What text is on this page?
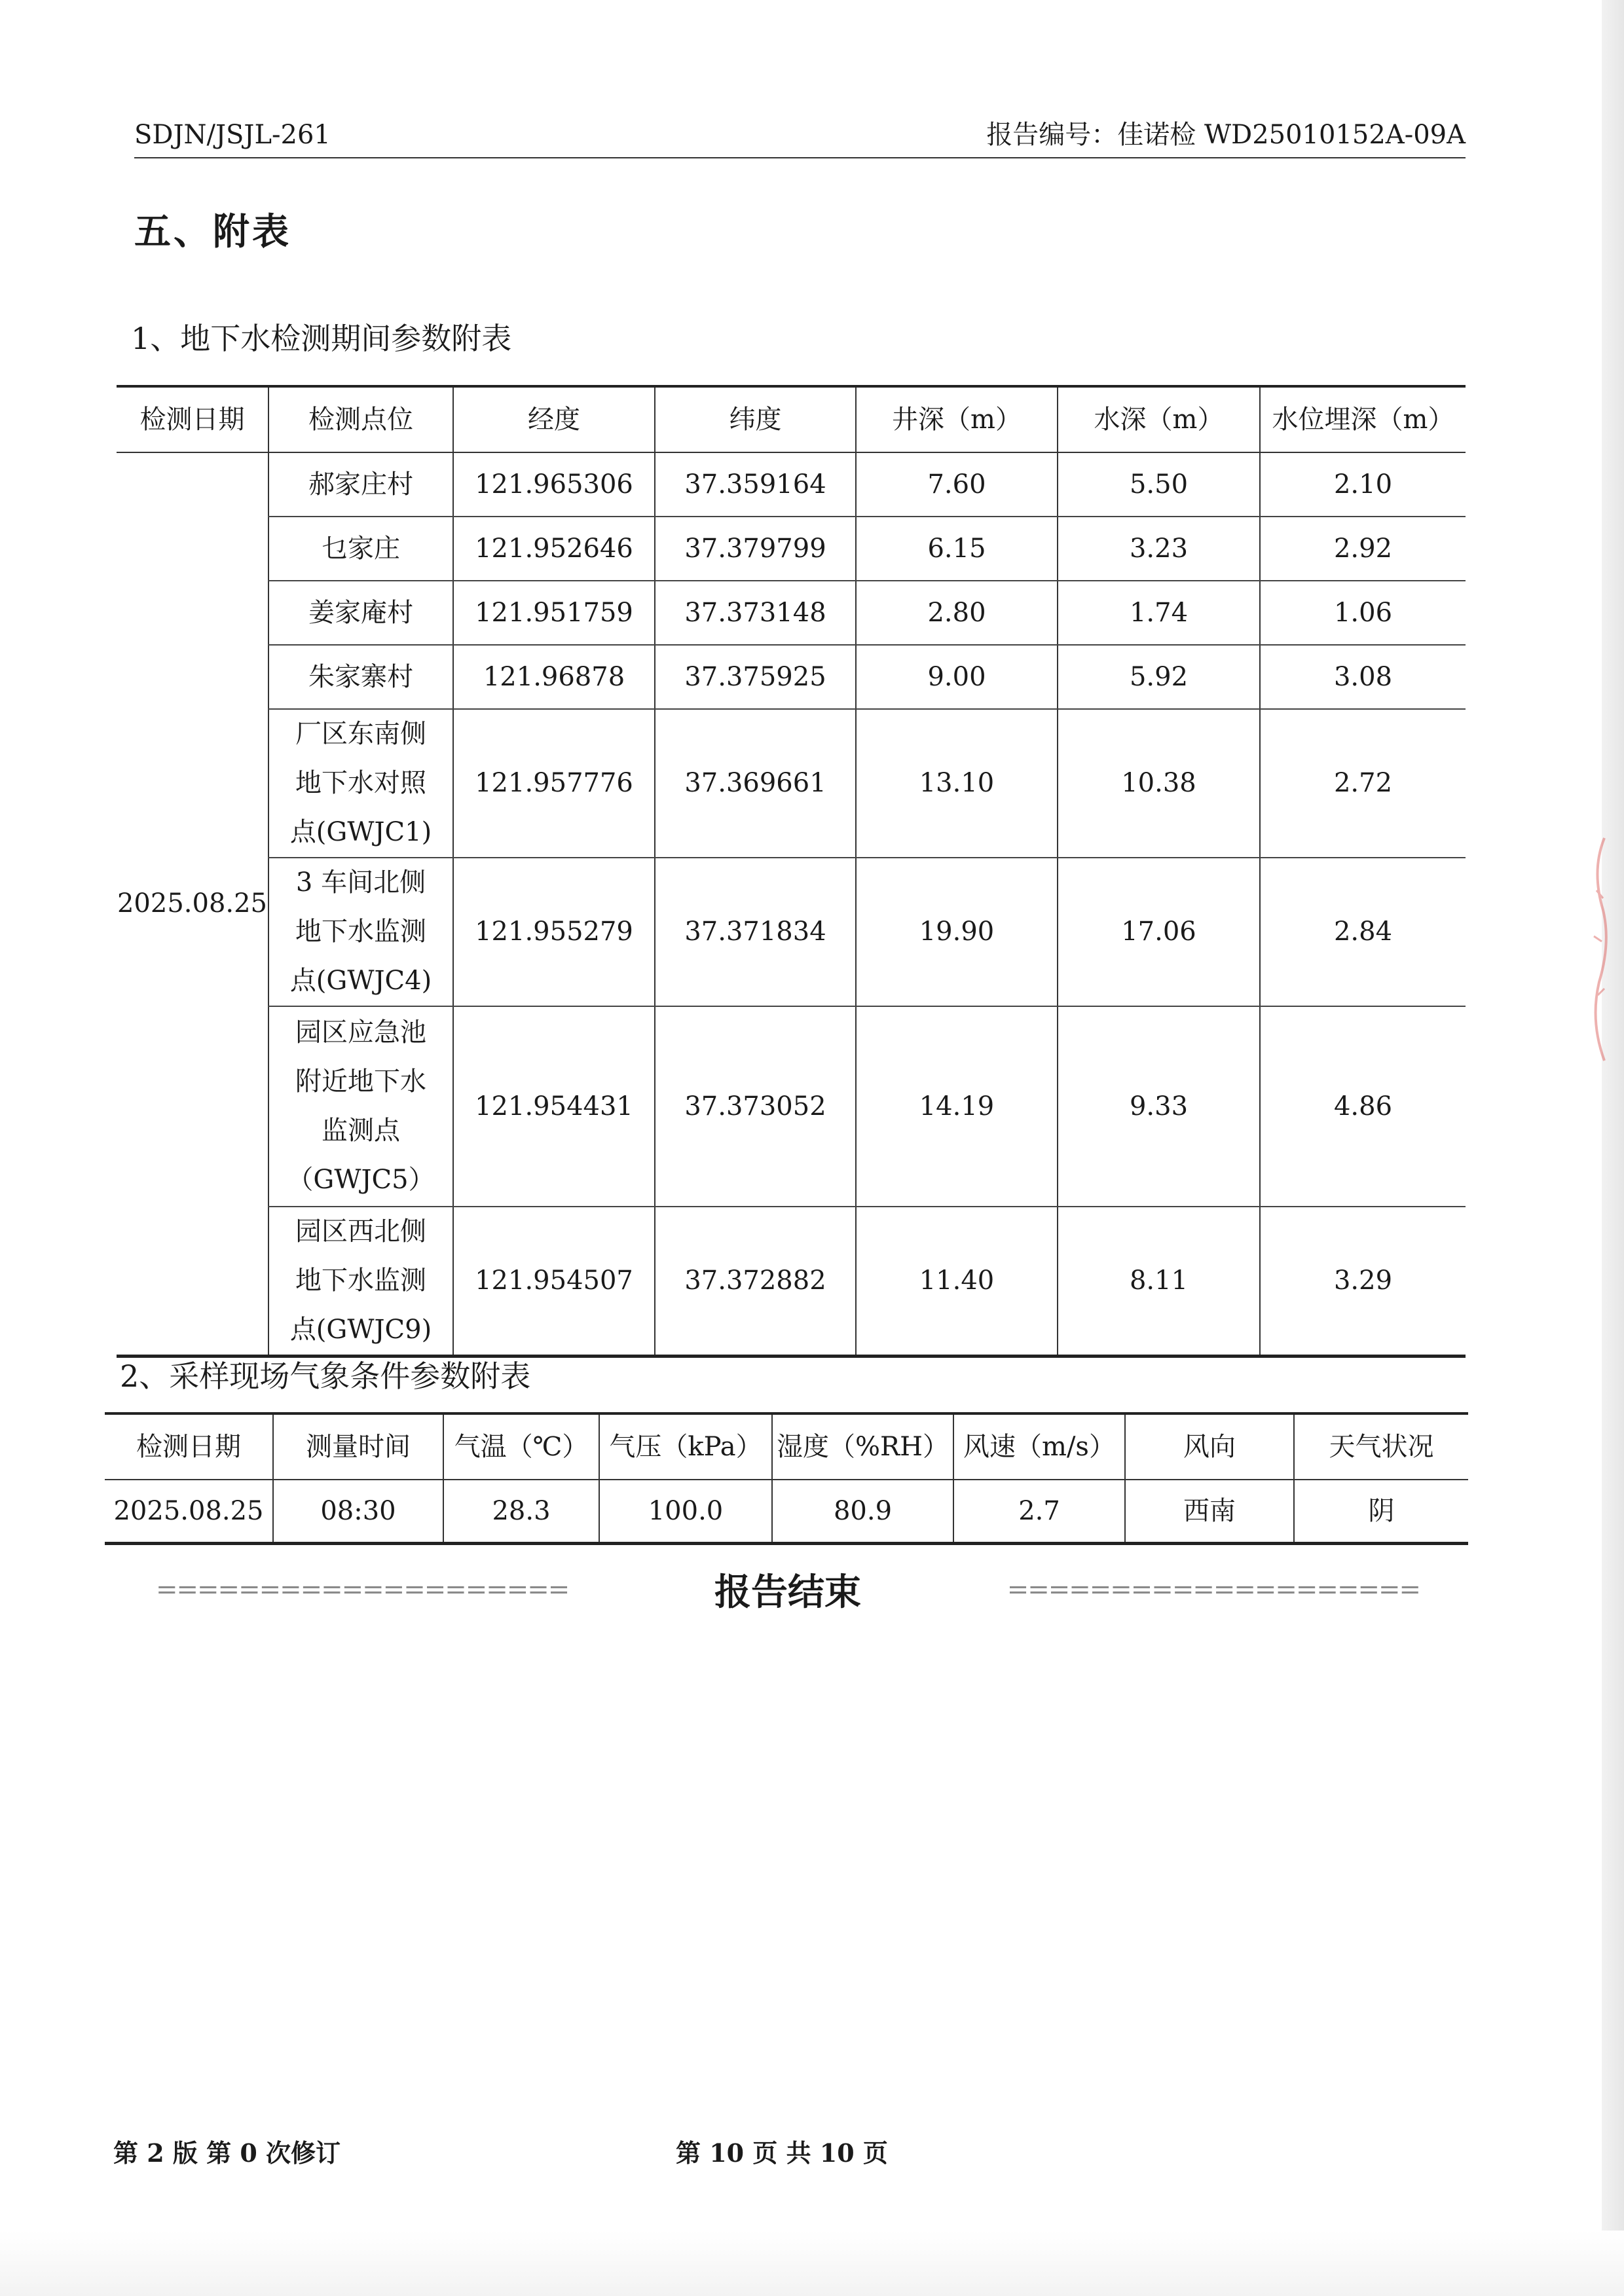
SDJN/JSJL-261	报告编号：佳诺检 WD25010152A-09A
五、附表
1、地下水检测期间参数附表
检测日期	检测点位	经度	纬度	井深（m）	水深（m）	水位埋深（m）
2025.08.25	郝家庄村	121.965306	37.359164	7.60	5.50	2.10
	乜家庄	121.952646	37.379799	6.15	3.23	2.92
	姜家庵村	121.951759	37.373148	2.80	1.74	1.06
	朱家寨村	121.96878	37.375925	9.00	5.92	3.08

	厂区东南侧
地下水对照
点(GWJC1)	121.957776	37.369661	13.10	10.38	2.72

	3 车间北侧
地下水监测
点(GWJC4)	121.955279	37.371834	19.90	17.06	2.84

	园区应急池
附近地下水
监测点
（GWJC5）	121.954431	37.373052	14.19	9.33	4.86

	园区西北侧
地下水监测
点(GWJC9)	121.954507	37.372882	11.40	8.11	3.29
2、采样现场气象条件参数附表
检测日期	测量时间	气温（℃）	气压（kPa）	湿度（%RH）	风速（m/s）	风向	天气状况
2025.08.25	08:30	28.3	100.0	80.9	2.7	西南	阴
====================	报告结束	====================
第 2 版 第 0 次修订	第 10 页 共 10 页
